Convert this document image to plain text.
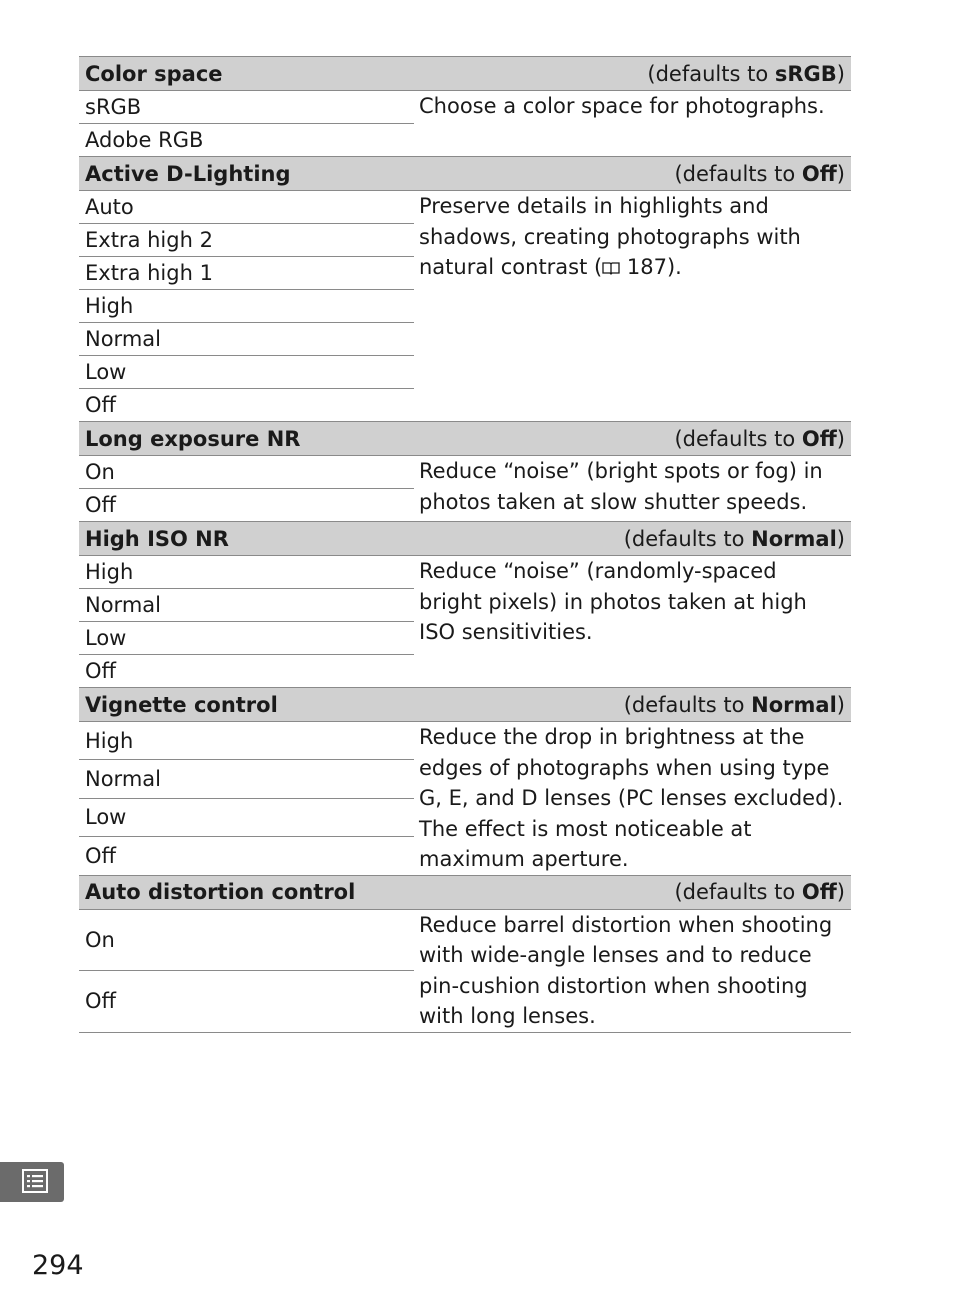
Color space (defaults to sRGB)	

sRGB	Choose a color space for photographs.
Adobe RGB	

Active D-Lighting (defaults to Off)	

Auto	Preserve details in highlights and shadows, creating photographs with natural contrast ( 187).
Extra high 2	
Extra high 1	
High	
Normal	
Low	
Off	

Long exposure NR (defaults to Off)	

On	Reduce “noise” (bright spots or fog) in photos taken at slow shutter speeds.
Off	

High ISO NR (defaults to Normal)	

High	Reduce “noise” (randomly-spaced bright pixels) in photos taken at high ISO sensitivities.
Normal	
Low	
Off	

Vignette control (defaults to Normal)	

High	Reduce the drop in brightness at the edges of photographs when using type G, E, and D lenses (PC lenses excluded). The effect is most noticeable at maximum aperture.
Normal	
Low	
Off	

Auto distortion control (defaults to Off)	

On	Reduce barrel distortion when shooting with wide-angle lenses and to reduce pin-cushion distortion when shooting with long lenses.
Off	
294
